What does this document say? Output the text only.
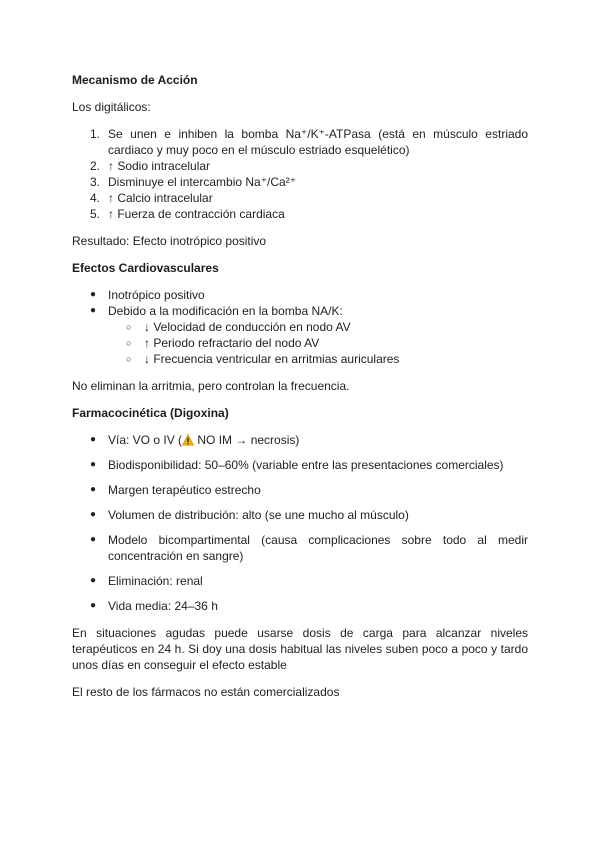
Mecanismo de Acción

Los digitálicos:

1. Se unen e inhiben la bomba Na⁺/K⁺-ATPasa (está en músculo estriado cardiaco y muy poco en el músculo estriado esquelético)
2. ↑ Sodio intracelular
3. Disminuye el intercambio Na⁺/Ca²⁺
4. ↑ Calcio intracelular
5. ↑ Fuerza de contracción cardiaca

Resultado: Efecto inotrópico positivo

Efectos Cardiovasculares
● Inotrópico positivo
● Debido a la modificación en la bomba NA/K:
○ ↓ Velocidad de conducción en nodo AV
○ ↑ Periodo refractario del nodo AV
○ ↓ Frecuencia ventricular en arritmias auriculares

No eliminan la arritmia, pero controlan la frecuencia.

Farmacocinética (Digoxina)
● Vía: VO o IV ( NO IM → necrosis)
● Biodisponibilidad: 50–60% (variable entre las presentaciones comerciales)
● Margen terapéutico estrecho
● Volumen de distribución: alto (se une mucho al músculo)
● Modelo bicompartimental (causa complicaciones sobre todo al medir concentración en sangre)
● Eliminación: renal
● Vida media: 24–36 h

En situaciones agudas puede usarse dosis de carga para alcanzar niveles terapéuticos en 24 h. Si doy una dosis habitual las niveles suben poco a poco y tardo unos días en conseguir el efecto estable

El resto de los fármacos no están comercializados
